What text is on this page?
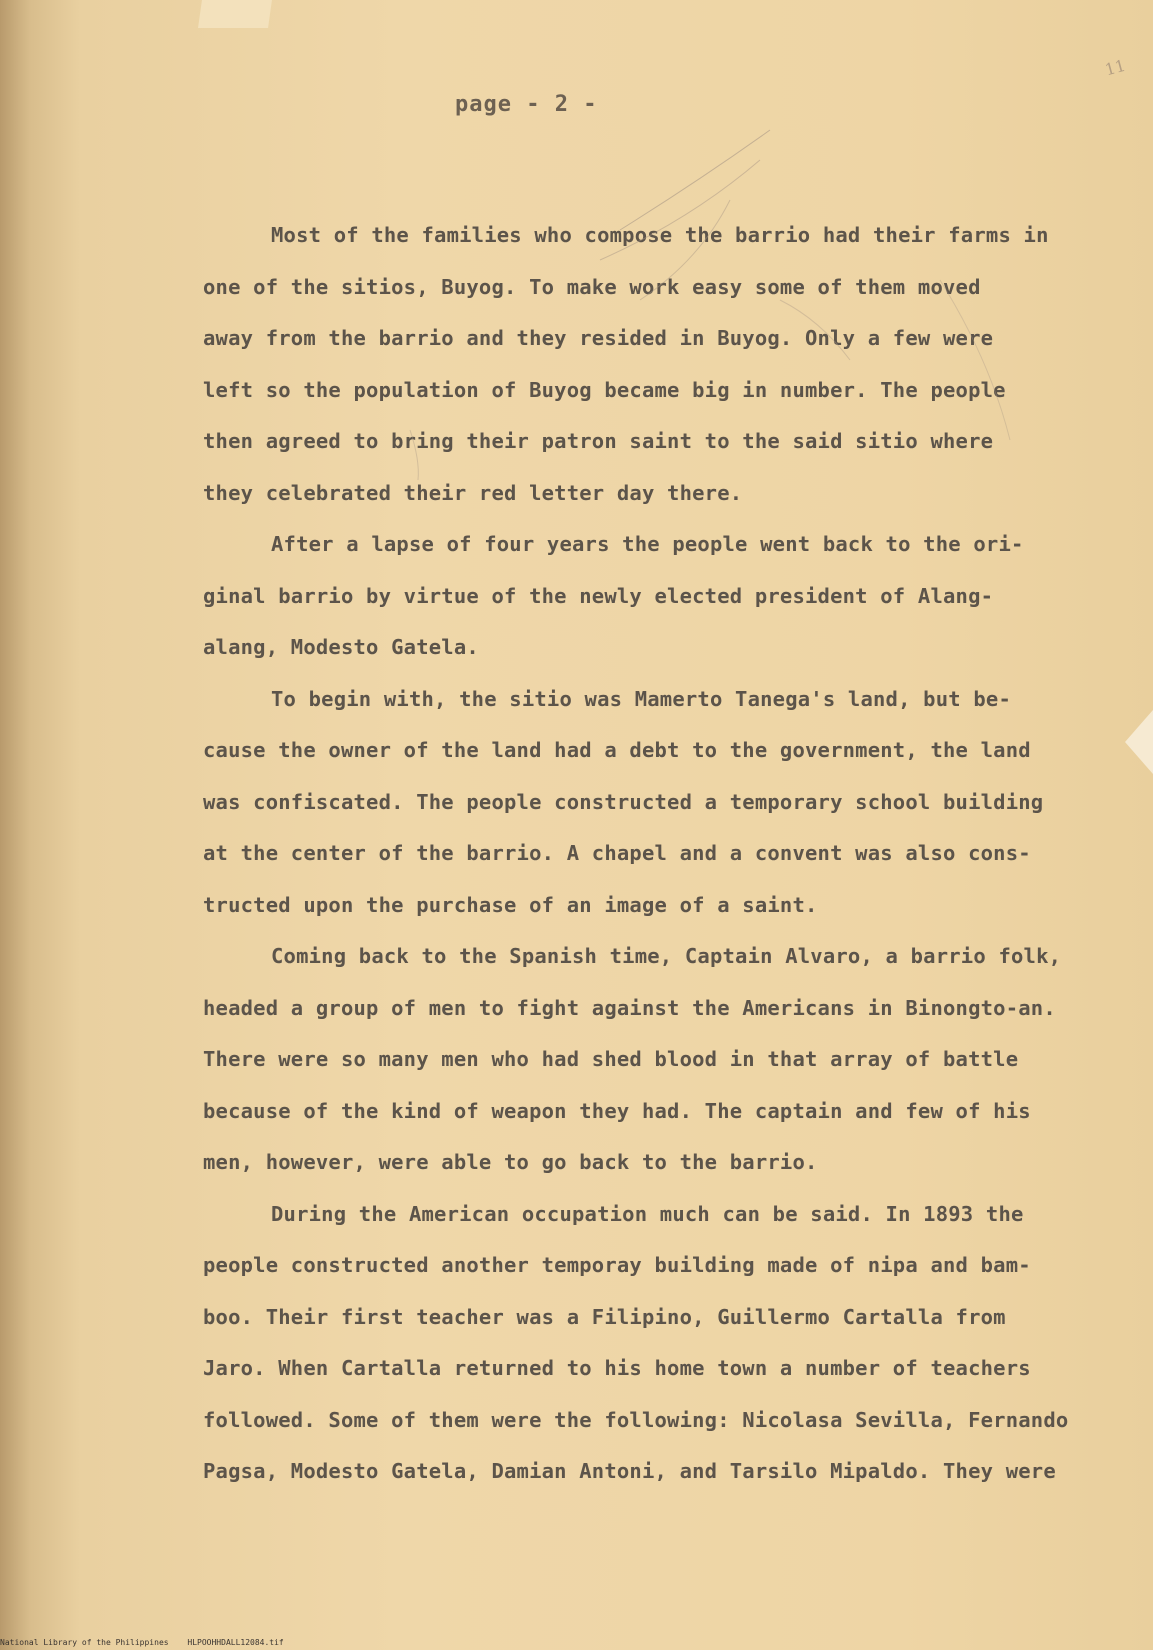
page - 2 -
11
Most of the families who compose the barrio had their farms in
one of the sitios, Buyog. To make work easy some of them moved
away from the barrio and they resided in Buyog. Only a few were
left so the population of Buyog became big in number. The people
then agreed to bring their patron saint to the said sitio where
they celebrated their red letter day there.
After a lapse of four years the people went back to the ori-
ginal barrio by virtue of the newly elected president of Alang-
alang, Modesto Gatela.
To begin with, the sitio was Mamerto Tanega's land, but be-
cause the owner of the land had a debt to the government, the land
was confiscated. The people constructed a temporary school building
at the center of the barrio. A chapel and a convent was also cons-
tructed upon the purchase of an image of a saint.
Coming back to the Spanish time, Captain Alvaro, a barrio folk,
headed a group of men to fight against the Americans in Binongto-an.
There were so many men who had shed blood in that array of battle
because of the kind of weapon they had. The captain and few of his
men, however, were able to go back to the barrio.
During the American occupation much can be said. In 1893 the
people constructed another temporay building made of nipa and bam-
boo. Their first teacher was a Filipino, Guillermo Cartalla from
Jaro. When Cartalla returned to his home town a number of teachers
followed. Some of them were the following: Nicolasa Sevilla, Fernando
Pagsa, Modesto Gatela, Damian Antoni, and Tarsilo Mipaldo. They were
National Library of the Philippines HLPOOHHDALL12084.tif
